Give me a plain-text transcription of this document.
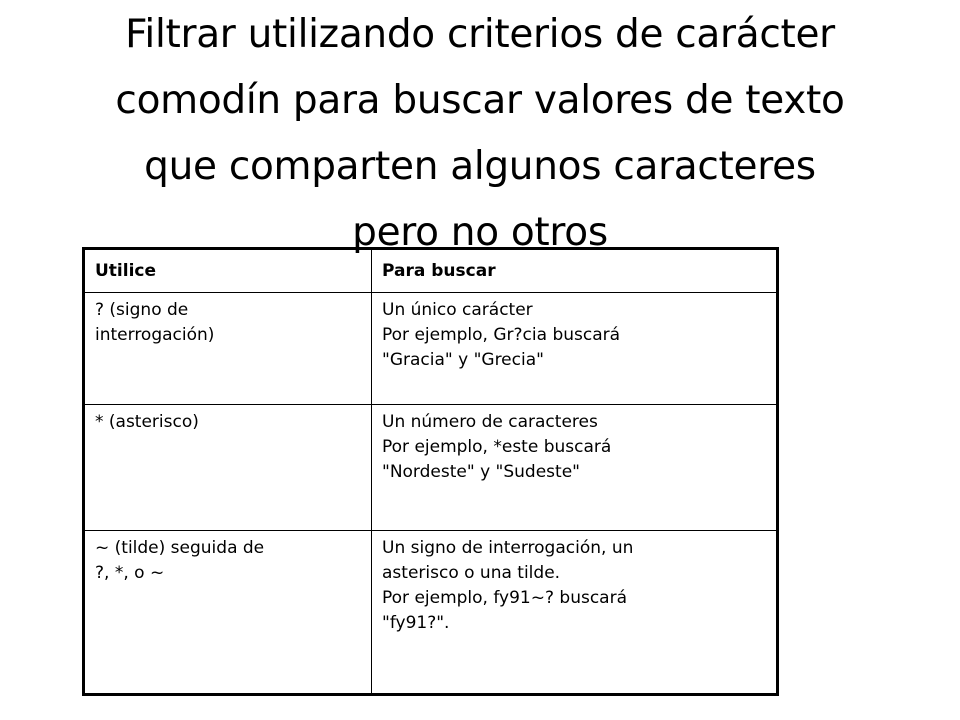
Filtrar utilizando criterios de carácter
comodín para buscar valores de texto
que comparten algunos caracteres
pero no otros
Utilice	Para buscar

? (signo de
interrogación)	Un único carácter
Por ejemplo, Gr?cia buscará
"Gracia" y "Grecia"

* (asterisco)	Un número de caracteres
Por ejemplo, *este buscará
"Nordeste" y "Sudeste"

~ (tilde) seguida de
?, *, o ~	Un signo de interrogación, un
asterisco o una tilde.
Por ejemplo, fy91~? buscará
"fy91?".
